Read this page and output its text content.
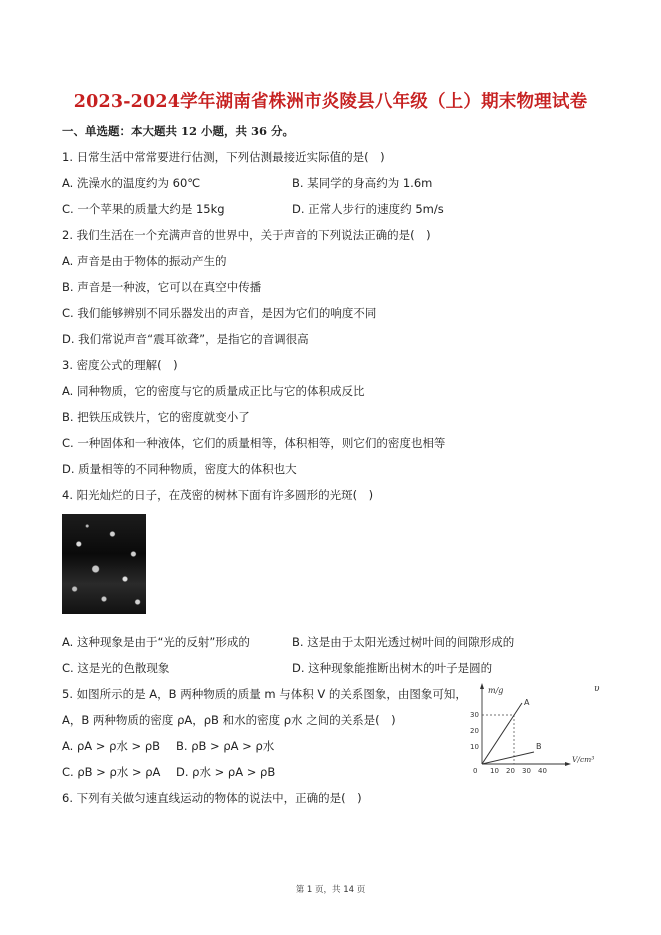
2023-2024学年湖南省株洲市炎陵县八年级（上）期末物理试卷
一、单选题：本大题共 12 小题，共 36 分。
1. 日常生活中常常要进行估测，下列估测最接近实际值的是(　)
A. 洗澡水的温度约为 60℃	B. 某同学的身高约为 1.6m
C. 一个苹果的质量大约是 15kg	D. 正常人步行的速度约 5m/s
2. 我们生活在一个充满声音的世界中，关于声音的下列说法正确的是(　)
A. 声音是由于物体的振动产生的
B. 声音是一种波，它可以在真空中传播
C. 我们能够辨别不同乐器发出的声音，是因为它们的响度不同
D. 我们常说声音“震耳欲聋”，是指它的音调很高
3. 密度公式的理解(　)
A. 同种物质，它的密度与它的质量成正比与它的体积成反比
B. 把铁压成铁片，它的密度就变小了
C. 一种固体和一种液体，它们的质量相等，体积相等，则它们的密度也相等
D. 质量相等的不同种物质，密度大的体积也大
4. 阳光灿烂的日子，在茂密的树林下面有许多圆形的光斑(　)
A. 这种现象是由于“光的反射”形成的	B. 这是由于太阳光透过树叶间的间隙形成的
C. 这是光的色散现象	D. 这种现象能推断出树木的叶子是圆的
5. 如图所示的是 A，B 两种物质的质量 m 与体积 V 的关系图象，由图象可知，
A，B 两种物质的密度 ρA，ρB 和水的密度 ρ水 之间的关系是(　)
A. ρA > ρ水 > ρB B. ρB > ρA > ρ水
C. ρB > ρ水 > ρA D. ρ水 > ρA > ρB
υ
m/g
V/cm³
30
20
10
0 10 20 30 40
A
B
6. 下列有关做匀速直线运动的物体的说法中，正确的是(　)
第 1 页，共 14 页
